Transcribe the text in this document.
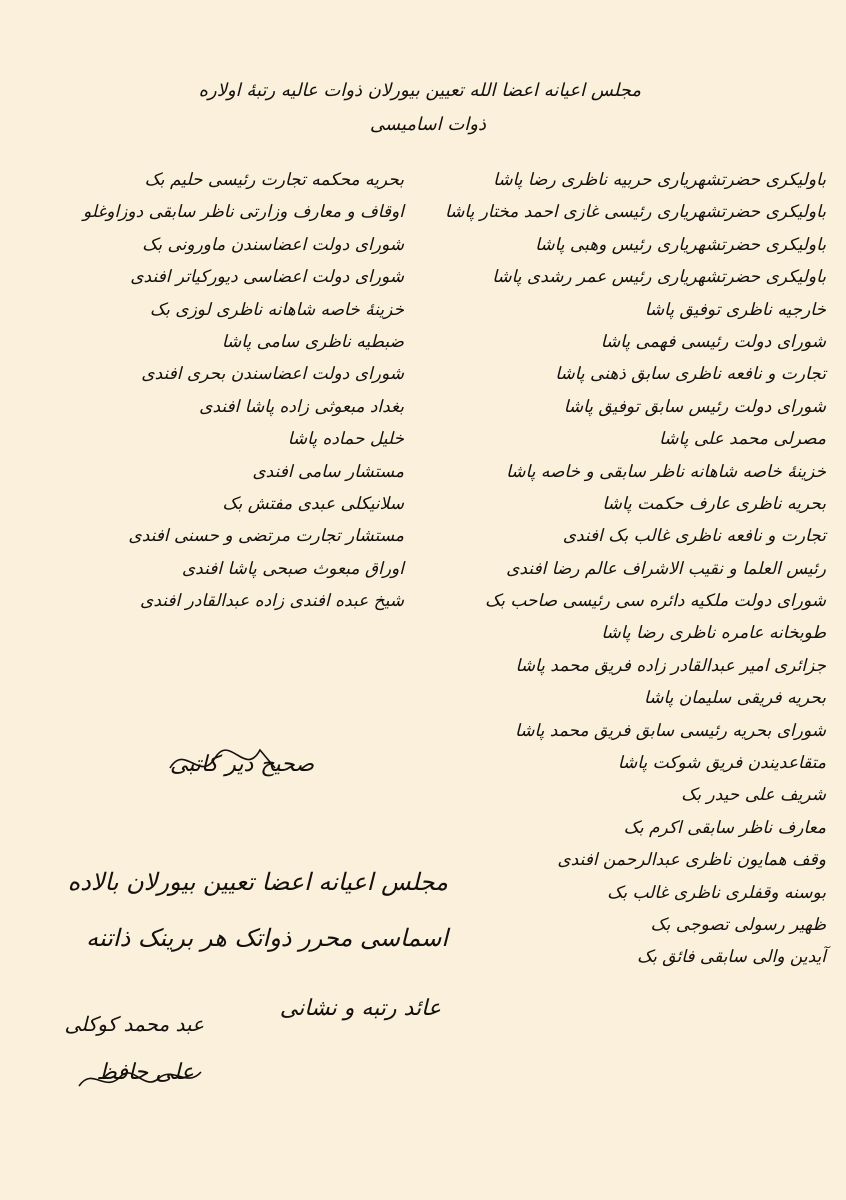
مجلس اعیانه اعضا الله تعیین بیورلان ذوات عالیه رتبهٔ اولاره
ذوات اسامیسی
باولیکری حضرتشهریاری حربیه ناظری رضا پاشا
باولیکری حضرتشهریاری رئیسی غازی احمد مختار پاشا
باولیکری حضرتشهریاری رئیس وهبی پاشا
باولیکری حضرتشهریاری رئیس عمر رشدی پاشا
خارجیه ناظری توفیق پاشا
شورای دولت رئیسی فهمی پاشا
تجارت و نافعه ناظری سابق ذهنی پاشا
شورای دولت رئیس سابق توفیق پاشا
مصرلی محمد علی پاشا
خزینهٔ خاصه شاهانه ناظر سابقی و خاصه پاشا
بحریه ناظری عارف حکمت پاشا
تجارت و نافعه ناظری غالب بک افندی
رئیس العلما و نقیب الاشراف عالم رضا افندی
شورای دولت ملکیه دائره سی رئیسی صاحب بک
طوبخانه عامره ناظری رضا پاشا
جزائری امیر عبدالقادر زاده فریق محمد پاشا
بحریه فریقی سلیمان پاشا
شورای بحریه رئیسی سابق فریق محمد پاشا
متقاعدیندن فریق شوکت پاشا
شریف علی حیدر بک
معارف ناظر سابقی اکرم بک
وقف همایون ناظری عبدالرحمن افندی
بوسنه وقفلری ناظری غالب بک
ظهیر رسولی تصوجی بک
آیدین والی سابقی فائق بک
بحریه محکمه تجارت رئیسی حلیم بک
اوقاف و معارف وزارتی ناظر سابقی دوزاوغلو
شورای دولت اعضاسندن ماورونی بک
شورای دولت اعضاسی دیورکیاتر افندی
خزینهٔ خاصه شاهانه ناظری لوزی بک
ضبطیه ناظری سامی پاشا
شورای دولت اعضاسندن بحری افندی
بغداد مبعوثی زاده پاشا افندی
خلیل حماده پاشا
مستشار سامی افندی
سلانیکلی عبدی مفتش بک
مستشار تجارت مرتضی و حسنی افندی
اوراق مبعوث صبحی پاشا افندی
شیخ عبده افندی زاده عبدالقادر افندی
صحیح دیر کاتبی
مجلس اعیانه اعضا تعیین بیورلان بالاده
اسماسی محرر ذواتک هر برینک ذاتنه
عائد رتبه و نشانی
عبد محمد کوکلی
علی حافظ
